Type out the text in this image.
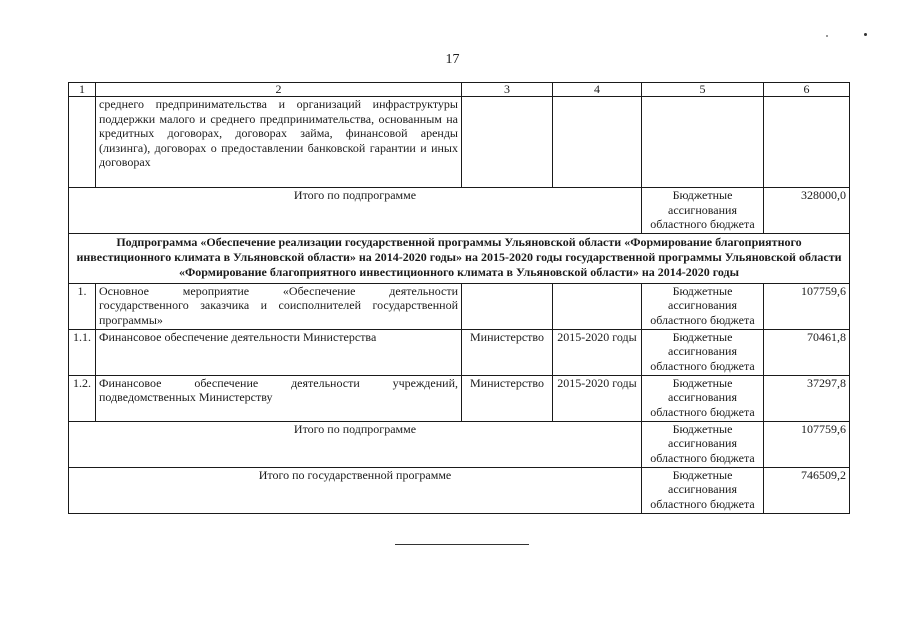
17
1	2	3	4	5	6
	среднего предпринимательства и организаций инфраструктуры поддержки малого и среднего предпринимательства, основанным на кредитных договорах, договорах займа, финансовой аренды (лизинга), договорах о предоставлении банковской гарантии и иных договорах				
Итого по подпрограмме				Бюджетные ассигнования областного бюджета	328000,0
Подпрограмма «Обеспечение реализации государственной программы Ульяновской области «Формирование благоприятного инвестиционного климата в Ульяновской области» на 2014-2020 годы» на 2015-2020 годы государственной программы Ульяновской области «Формирование благоприятного инвестиционного климата в Ульяновской области» на 2014-2020 годы					
1.	Основное мероприятие «Обеспечение деятельности государственного заказчика и соисполнителей государственной программы»			Бюджетные ассигнования областного бюджета	107759,6
1.1.	Финансовое обеспечение деятельности Министерства	Министерство	2015-2020 годы	Бюджетные ассигнования областного бюджета	70461,8
1.2.	Финансовое обеспечение деятельности учреждений, подведомственных Министерству	Министерство	2015-2020 годы	Бюджетные ассигнования областного бюджета	37297,8
Итого по подпрограмме				Бюджетные ассигнования областного бюджета	107759,6
Итого по государственной программе				Бюджетные ассигнования областного бюджета	746509,2
